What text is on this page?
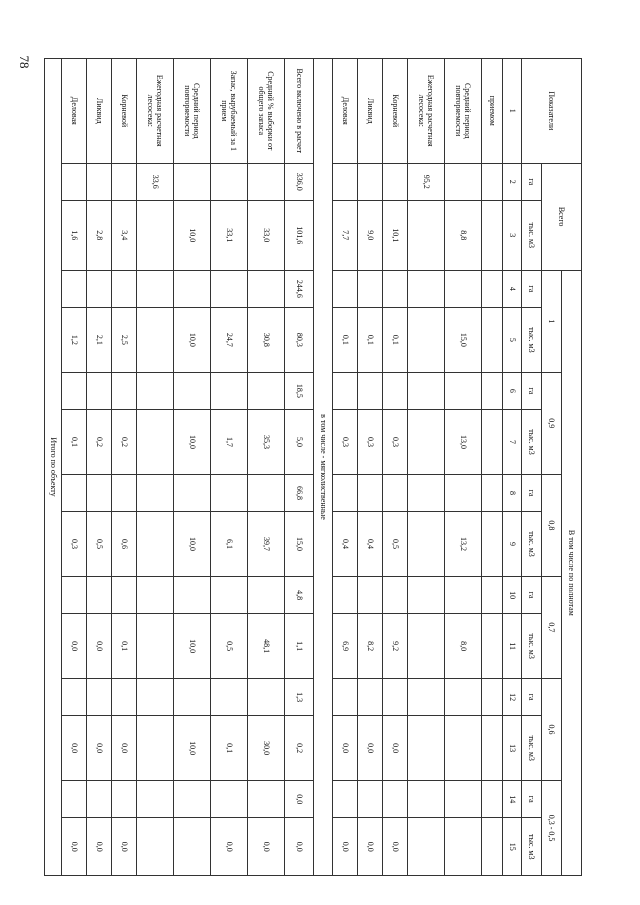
78
Показатели	Всего		В том числе по полнотам											
			1		0,9		0,8		0,7		0,6		0,3 - 0,5	
	га	тыс. м3	га	тыс. м3	га	тыс. м3	га	тыс. м3	га	тыс. м3	га	тыс. м3	га	тыс. м3
1	2	3	4	5	6	7	8	9	10	11	12	13	14	15
приемом														
Средний период повторяемости		8,8		15,0		13,0		13,2		8,0				
Ежегодная расчетная лесосека:	95,2													
Корневой		10,1		0,1		0,3		0,5		9,2		0,0		0,0
Ликвид		9,0		0,1		0,3		0,4		8,2		0,0		0,0
Деловая		7,7		0,1		0,3		0,4		6,9		0,0		0,0
в том числе - мягколиственные														
Всего включено в расчет	336,0	101,6	244,6	80,3	18,5	5,0	66,8	15,0	4,8	1,1	1,3	0,2	0,0	0,0
Средний % выборки от общего запаса		33,0		30,8		35,3		39,7		48,1		30,0		0,0
Запас, вырубаемый за 1 прием		33,1		24,7		1,7		6,1		0,5		0,1		0,0
Средний период повторяемости		10,0		10,0		10,0		10,0		10,0		10,0		
Ежегодная расчетная лесосека:	33,6													
Корневой		3,4		2,5		0,2		0,6		0,1		0,0		0,0
Ликвид		2,8		2,1		0,2		0,5		0,0		0,0		0,0
Деловая		1,6		1,2		0,1		0,3		0,0		0,0		0,0
Итого по объекту														
